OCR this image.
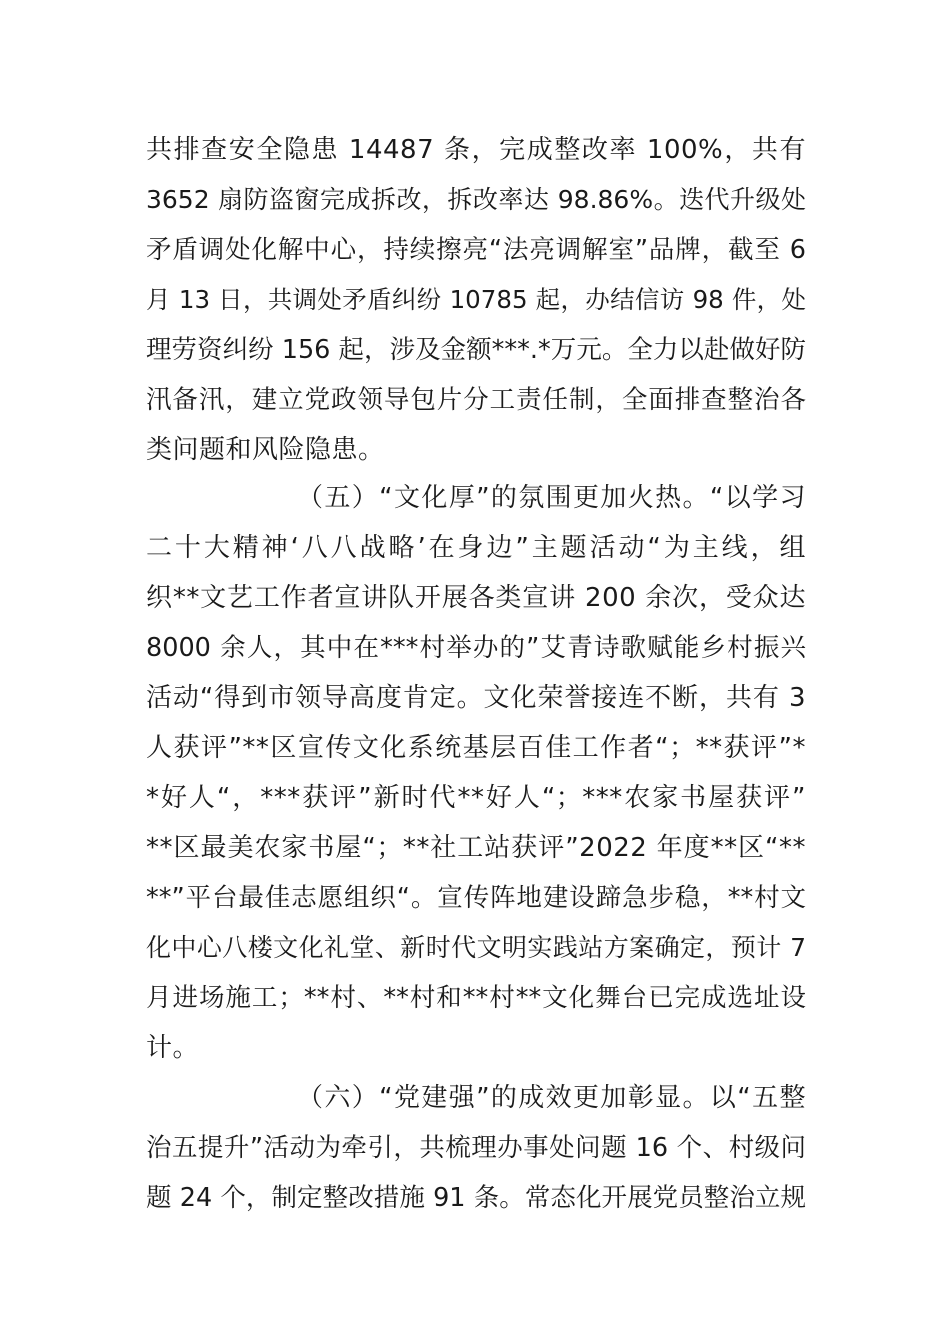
共排查安全隐患 14487 条，完成整改率 100%，共有
3652 扇防盗窗完成拆改，拆改率达 98.86%。迭代升级处
矛盾调处化解中心，持续擦亮“法亮调解室”品牌，截至 6
月 13 日，共调处矛盾纠纷 10785 起，办结信访 98 件，处
理劳资纠纷 156 起，涉及金额***.*万元。全力以赴做好防
汛备汛，建立党政领导包片分工责任制，全面排查整治各
类问题和风险隐患。
（五）“文化厚”的氛围更加火热。“以学习
二十大精神‘八八战略’在身边”主题活动“为主线，组
织**文艺工作者宣讲队开展各类宣讲 200 余次，受众达
8000 余人，其中在***村举办的”艾青诗歌赋能乡村振兴
活动“得到市领导高度肯定。文化荣誉接连不断，共有 3
人获评”**区宣传文化系统基层百佳工作者“；**获评”*
*好人“，***获评”新时代**好人“；***农家书屋获评”
**区最美农家书屋“；**社工站获评”2022 年度**区“**
**”平台最佳志愿组织“。宣传阵地建设蹄急步稳，**村文
化中心八楼文化礼堂、新时代文明实践站方案确定，预计 7
月进场施工；**村、**村和**村**文化舞台已完成选址设
计。
（六）“党建强”的成效更加彰显。以“五整
治五提升”活动为牵引，共梳理办事处问题 16 个、村级问
题 24 个，制定整改措施 91 条。常态化开展党员整治立规
